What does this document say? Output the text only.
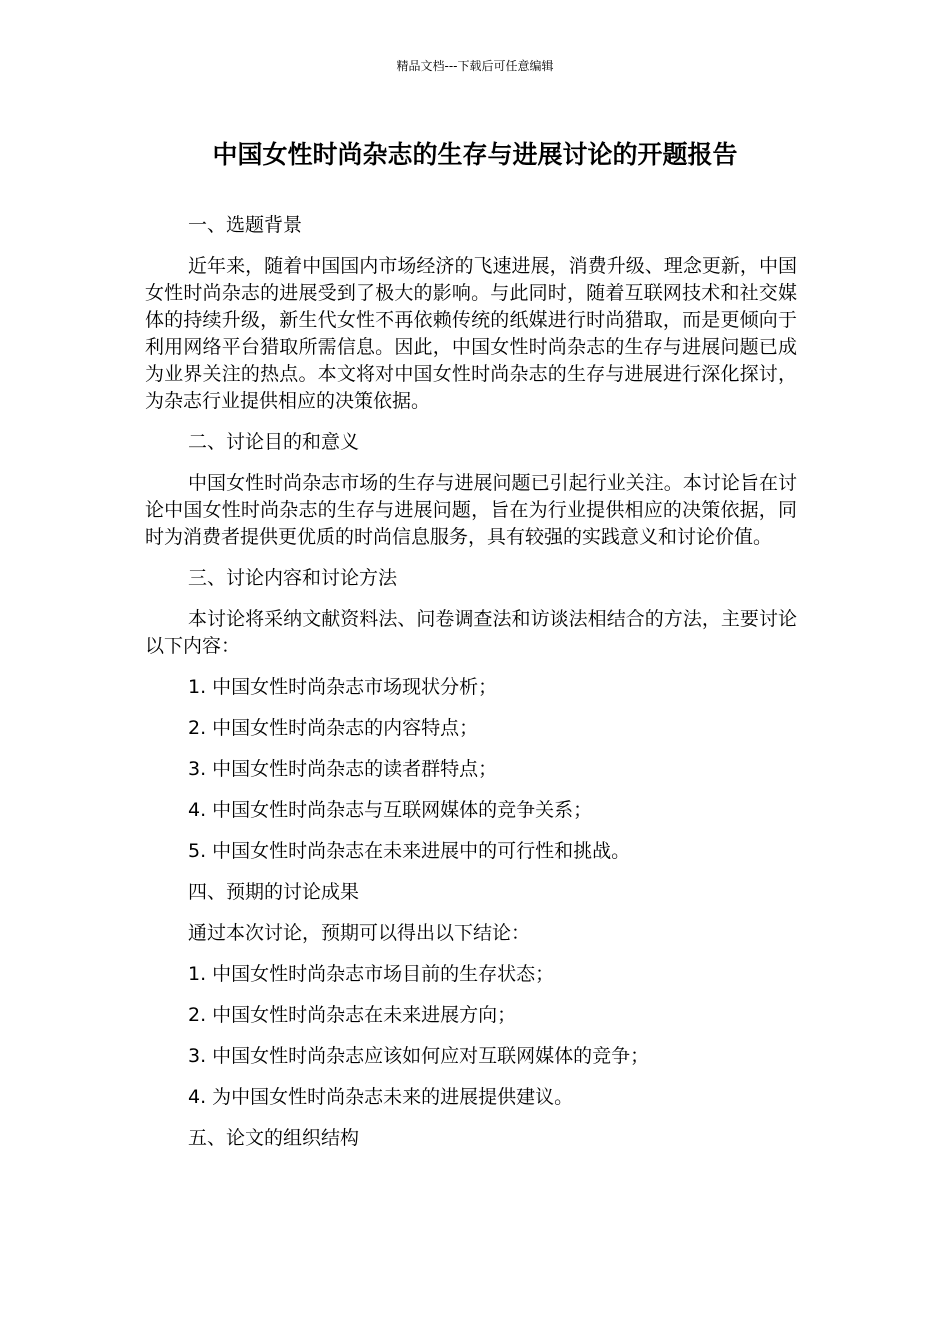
精品文档---下载后可任意编辑
中国女性时尚杂志的生存与进展讨论的开题报告

一、选题背景

近年来，随着中国国内市场经济的飞速进展，消费升级、理念更新，中国女性时尚杂志的进展受到了极大的影响。与此同时，随着互联网技术和社交媒体的持续升级，新生代女性不再依赖传统的纸媒进行时尚猎取，而是更倾向于利用网络平台猎取所需信息。因此，中国女性时尚杂志的生存与进展问题已成为业界关注的热点。本文将对中国女性时尚杂志的生存与进展进行深化探讨，为杂志行业提供相应的决策依据。

二、讨论目的和意义

中国女性时尚杂志市场的生存与进展问题已引起行业关注。本讨论旨在讨论中国女性时尚杂志的生存与进展问题，旨在为行业提供相应的决策依据，同时为消费者提供更优质的时尚信息服务，具有较强的实践意义和讨论价值。

三、讨论内容和讨论方法

本讨论将采纳文献资料法、问卷调查法和访谈法相结合的方法，主要讨论以下内容：

1. 中国女性时尚杂志市场现状分析；

2. 中国女性时尚杂志的内容特点；

3. 中国女性时尚杂志的读者群特点；

4. 中国女性时尚杂志与互联网媒体的竞争关系；

5. 中国女性时尚杂志在未来进展中的可行性和挑战。

四、预期的讨论成果

通过本次讨论，预期可以得出以下结论：

1. 中国女性时尚杂志市场目前的生存状态；

2. 中国女性时尚杂志在未来进展方向；

3. 中国女性时尚杂志应该如何应对互联网媒体的竞争；

4. 为中国女性时尚杂志未来的进展提供建议。

五、论文的组织结构
